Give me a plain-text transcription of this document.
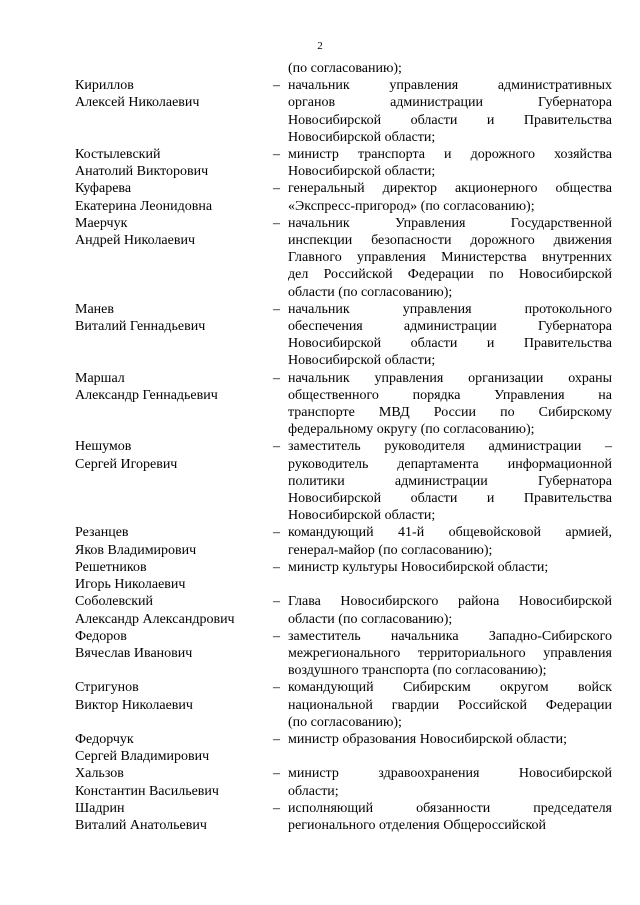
2
(по согласованию);
Кириллов
Алексей Николаевич
– начальник управления административных
органов администрации Губернатора
Новосибирской области и Правительства
Новосибирской области;
Костылевский
Анатолий Викторович
– министр транспорта и дорожного хозяйства
Новосибирской области;
Куфарева
Екатерина Леонидовна
– генеральный директор акционерного общества
«Экспресс-пригород» (по согласованию);
Маерчук
Андрей Николаевич
– начальник Управления Государственной
инспекции безопасности дорожного движения
Главного управления Министерства внутренних
дел Российской Федерации по Новосибирской
области (по согласованию);
Манев
Виталий Геннадьевич
– начальник управления протокольного
обеспечения администрации Губернатора
Новосибирской области и Правительства
Новосибирской области;
Маршал
Александр Геннадьевич
– начальник управления организации охраны
общественного порядка Управления на
транспорте МВД России по Сибирскому
федеральному округу (по согласованию);
Нешумов
Сергей Игоревич
– заместитель руководителя администрации –
руководитель департамента информационной
политики администрации Губернатора
Новосибирской области и Правительства
Новосибирской области;
Резанцев
Яков Владимирович
– командующий 41-й общевойсковой армией,
генерал-майор (по согласованию);
Решетников
Игорь Николаевич
– министр культуры Новосибирской области;
Соболевский
Александр Александрович
– Глава Новосибирского района Новосибирской
области (по согласованию);
Федоров
Вячеслав Иванович
– заместитель начальника Западно-Сибирского
межрегионального территориального управления
воздушного транспорта (по согласованию);
Стригунов
Виктор Николаевич
– командующий Сибирским округом войск
национальной гвардии Российской Федерации
(по согласованию);
Федорчук
Сергей Владимирович
– министр образования Новосибирской области;
Хальзов
Константин Васильевич
– министр здравоохранения Новосибирской
области;
Шадрин
Виталий Анатольевич
– исполняющий обязанности председателя
регионального отделения Общероссийской
